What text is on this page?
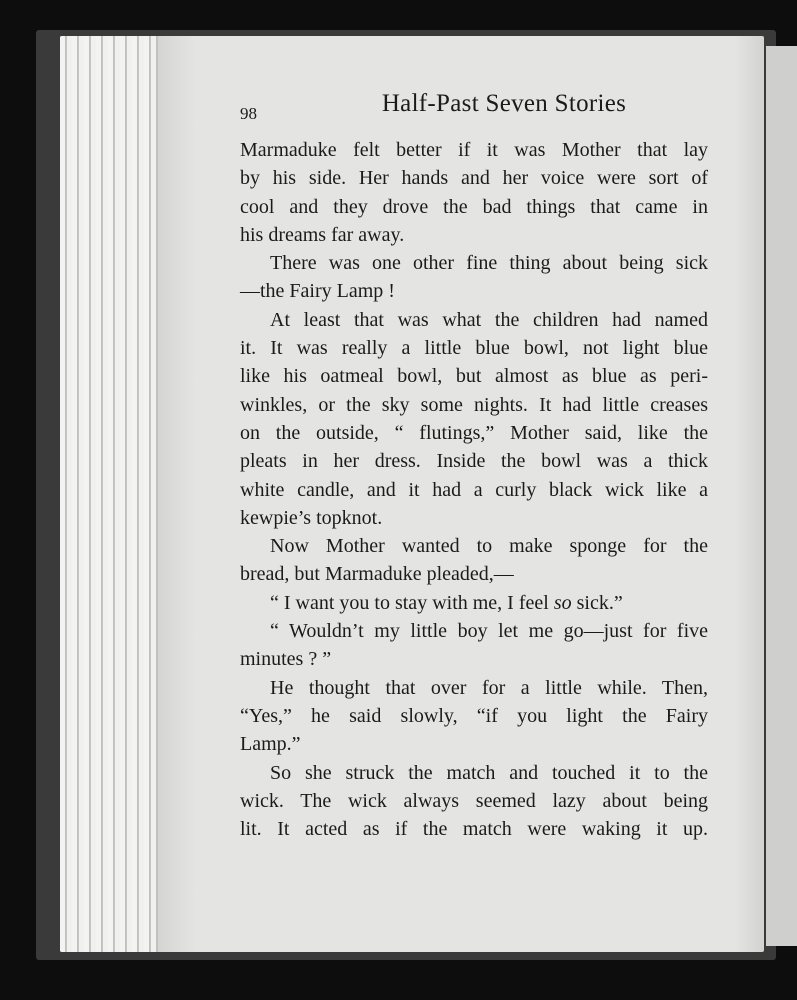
98	Half-Past Seven Stories

Marmaduke felt better if it was Mother that lay

by his side. Her hands and her voice were sort of

cool and they drove the bad things that came in

his dreams far away.

There was one other fine thing about being sick

—the Fairy Lamp !

At least that was what the children had named

it. It was really a little blue bowl, not light blue

like his oatmeal bowl, but almost as blue as peri-

winkles, or the sky some nights. It had little creases

on the outside, “ flutings,” Mother said, like the

pleats in her dress. Inside the bowl was a thick

white candle, and it had a curly black wick like a

kewpie’s topknot.

Now Mother wanted to make sponge for the

bread, but Marmaduke pleaded,—

“ I want you to stay with me, I feel so sick.”

“ Wouldn’t my little boy let me go—just for five

minutes ? ”

He thought that over for a little while. Then,

“Yes,” he said slowly, “if you light the Fairy

Lamp.”

So she struck the match and touched it to the

wick. The wick always seemed lazy about being

lit. It acted as if the match were waking it up.
